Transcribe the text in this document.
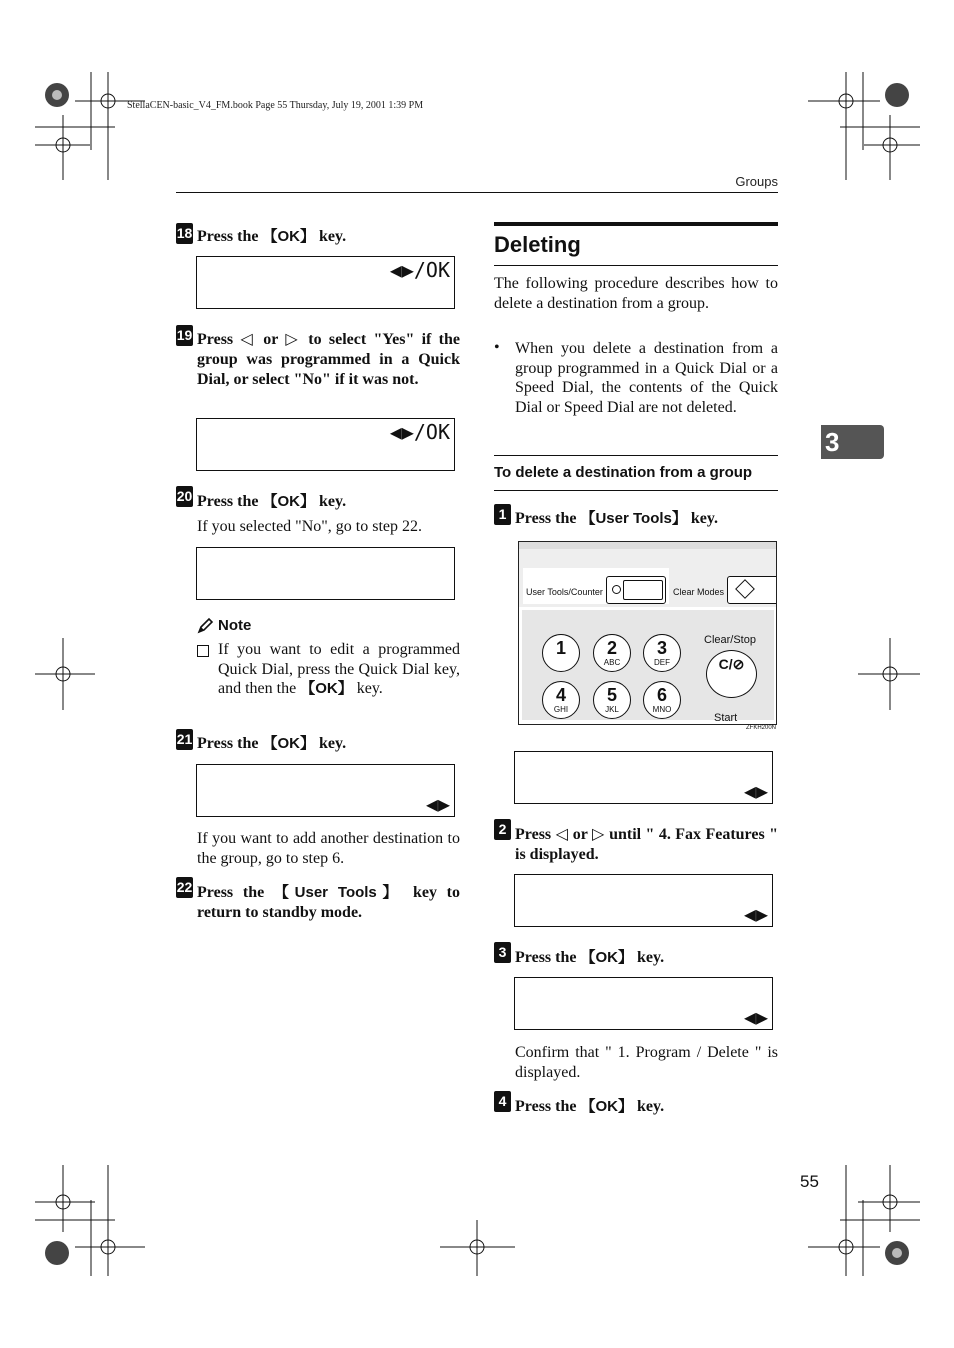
StellaCEN-basic_V4_FM.book Page 55 Thursday, July 19, 2001 1:39 PM
Groups
18 Press the 【OK】 key.

◀▶/OK

19 Press ◁ or ▷ to select "Yes" if the group was programmed in a Quick Dial, or select "No" if it was not.

◀▶/OK

20 Press the 【OK】 key.
If you selected "No", go to step 22.

Note
If you want to edit a programmed Quick Dial, press the Quick Dial key, and then the 【OK】 key.
21 Press the 【OK】 key.

◀▶

If you want to add another destination to the group, go to step 6.
22 Press the 【User Tools】 key to return to standby mode.
Deleting
The following procedure describes how to delete a destination from a group.
• When you delete a destination from a group programmed in a Quick Dial or a Speed Dial, the contents of the Quick Dial or Speed Dial are not deleted.
To delete a destination from a group
1 Press the 【User Tools】 key.
User Tools/Counter	Clear Modes
1	2
ABC
3
DEF
4
GHI
5
JKL
6
MNO
Clear/Stop
C/⊘
Start
ZFKH200N

◀▶

2 Press ◁ or ▷ until " 4. Fax Features " is displayed.

◀▶

3 Press the 【OK】 key.

◀▶

Confirm that " 1. Program / Delete " is displayed.
4 Press the 【OK】 key.
3
55
